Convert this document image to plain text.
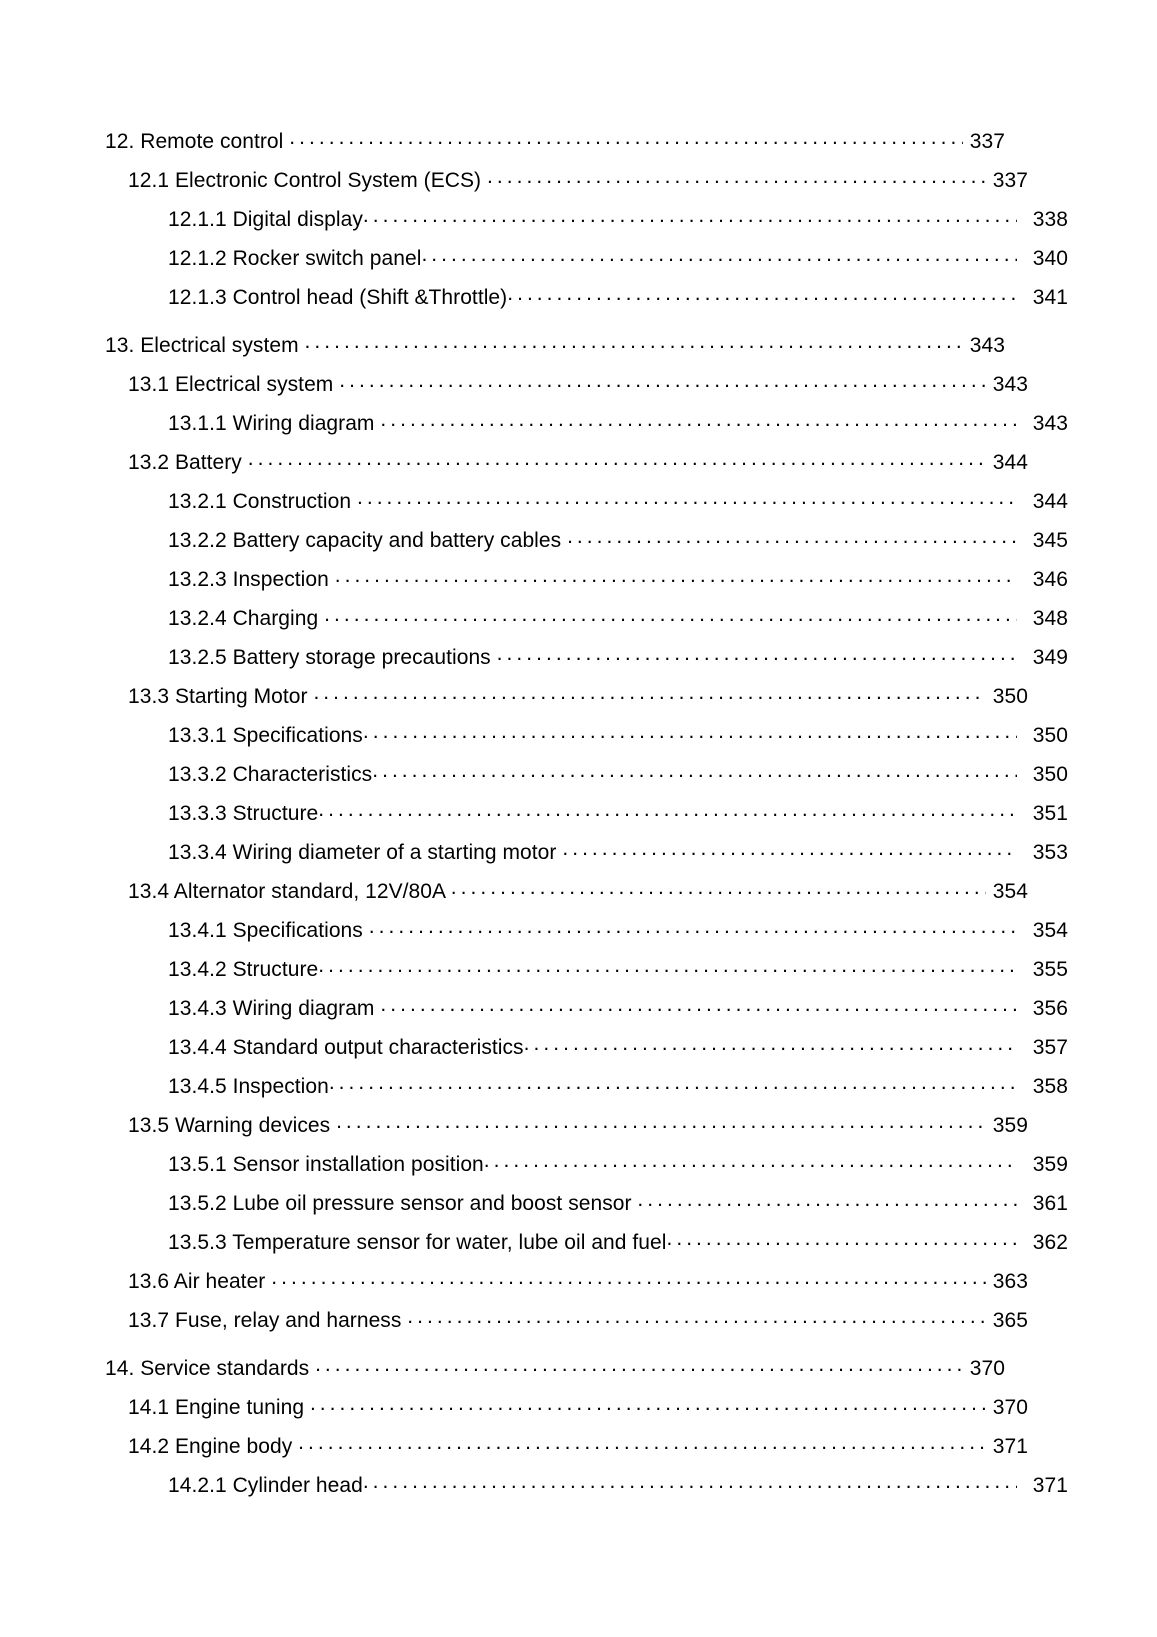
12. Remote control . . .	337
12.1 Electronic Control System (ECS) . . .	337
12.1.1 Digital display . . .	338
12.1.2 Rocker switch panel . . .	340
12.1.3 Control head (Shift &Throttle) . . .	341
13. Electrical system . . .	343
13.1 Electrical system . . .	343
13.1.1 Wiring diagram . . .	343
13.2 Battery . . .	344
13.2.1 Construction . . .	344
13.2.2 Battery capacity and battery cables . . .	345
13.2.3 Inspection . . .	346
13.2.4 Charging . . .	348
13.2.5 Battery storage precautions . . .	349
13.3 Starting Motor . . .	350
13.3.1 Specifications . . .	350
13.3.2 Characteristics . . .	350
13.3.3 Structure . . .	351
13.3.4 Wiring diameter of a starting motor . . .	353
13.4 Alternator standard, 12V/80A . . .	354
13.4.1 Specifications . . .	354
13.4.2 Structure . . .	355
13.4.3 Wiring diagram . . .	356
13.4.4 Standard output characteristics . . .	357
13.4.5 Inspection . . .	358
13.5 Warning devices . . .	359
13.5.1 Sensor installation position . . .	359
13.5.2 Lube oil pressure sensor and boost sensor . . .	361
13.5.3 Temperature sensor for water, lube oil and fuel . . .	362
13.6 Air heater . . .	363
13.7 Fuse, relay and harness . . .	365
14. Service standards . . .	370
14.1 Engine tuning . . .	370
14.2 Engine body . . .	371
14.2.1 Cylinder head . . .	371
